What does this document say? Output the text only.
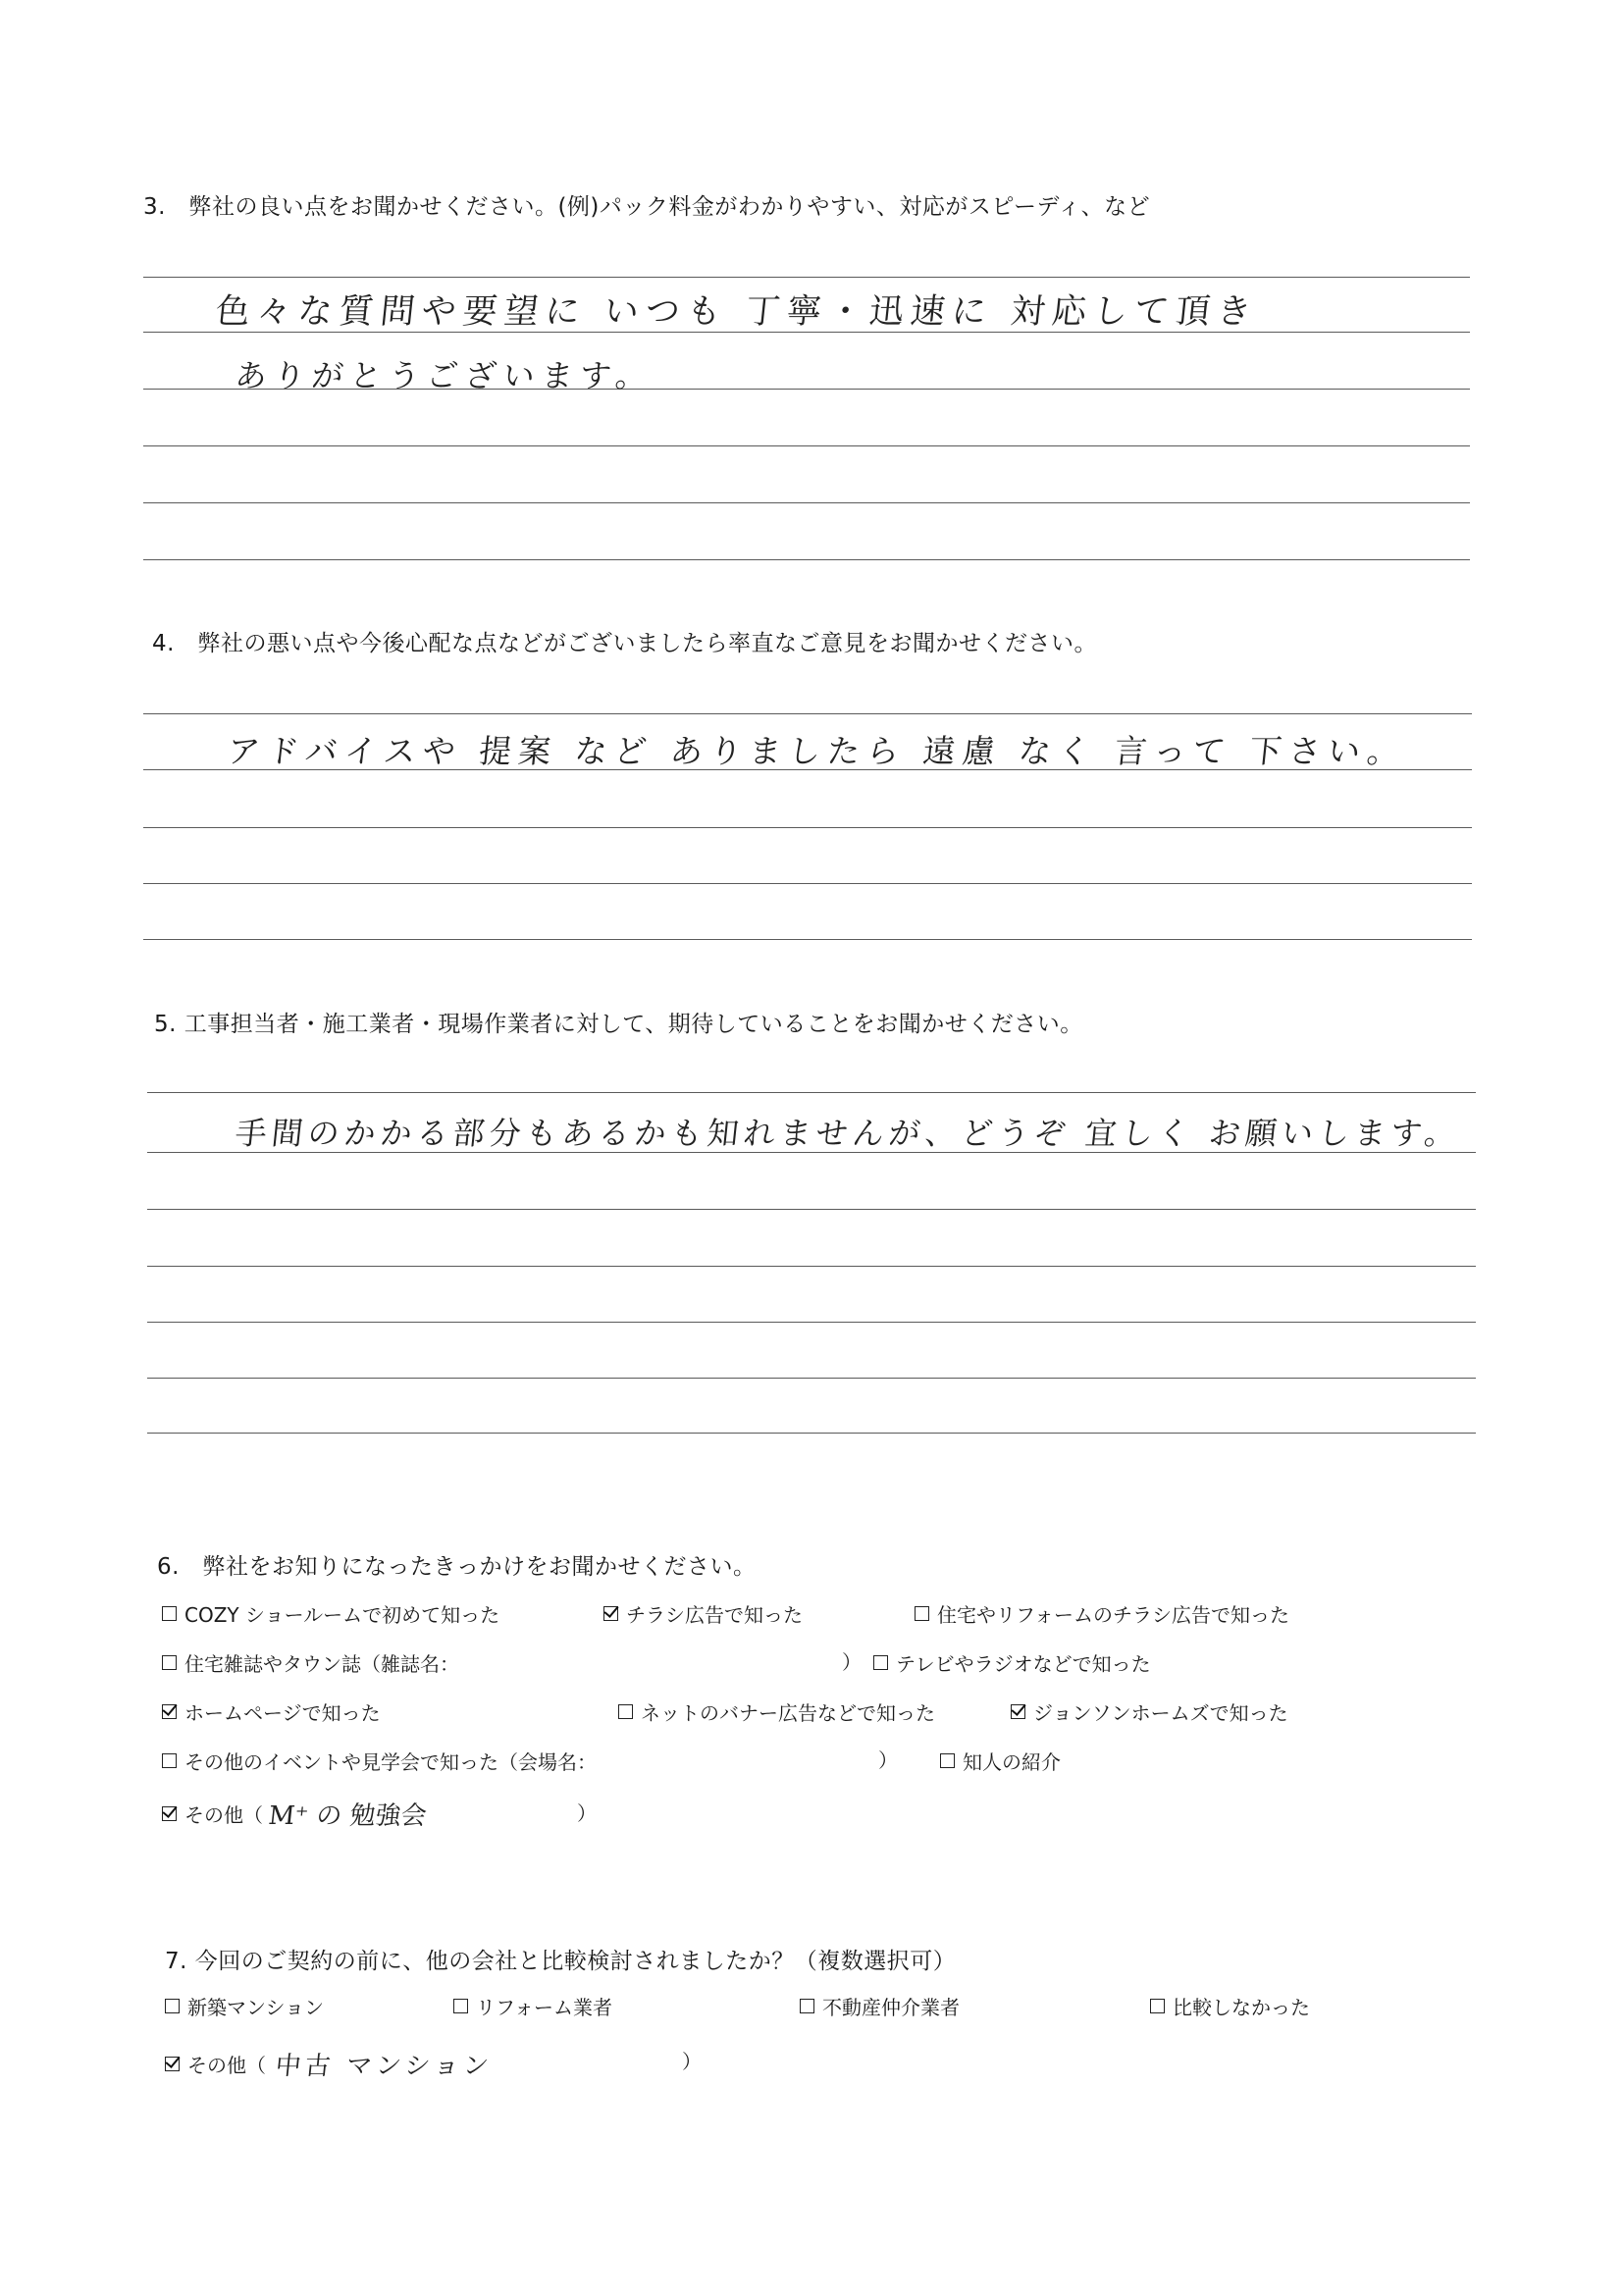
3.　弊社の良い点をお聞かせください。(例)パック料金がわかりやすい、対応がスピーディ、など
色々な質問や要望に いつも 丁寧・迅速に 対応して頂き
ありがとうございます。
4.　弊社の悪い点や今後心配な点などがございましたら率直なご意見をお聞かせください。
アドバイスや 提案 など ありましたら 遠慮 なく 言って 下さい。
5. 工事担当者・施工業者・現場作業者に対して、期待していることをお聞かせください。
手間のかかる部分もあるかも知れませんが、どうぞ 宜しく お願いします。
6.　弊社をお知りになったきっかけをお聞かせください。
COZY ショールームで初めて知った	チラシ広告で知った	住宅やリフォームのチラシ広告で知った
住宅雑誌やタウン誌（雑誌名：	） テレビやラジオなどで知った
ホームページで知った	ネットのバナー広告などで知った	ジョンソンホームズで知った
その他のイベントや見学会で知った（会場名：	）	知人の紹介
その他（ M⁺ の 勉強会	）
7. 今回のご契約の前に、他の会社と比較検討されましたか？（複数選択可）
新築マンション	リフォーム業者	不動産仲介業者	比較しなかった
その他（ 中古 マンション	）
